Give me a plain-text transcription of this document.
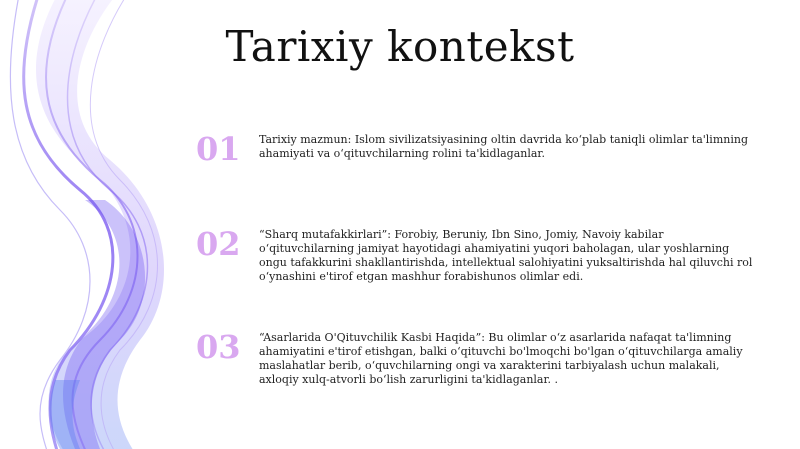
Tarixiy kontekst
01	Tarixiy mazmun: Islom sivilizatsiyasining oltin davrida ko‘plab taniqli olimlar ta'limning ahamiyati va o‘qituvchilarning rolini ta'kidlaganlar.
02	“Sharq mutafakkirlari”: Forobiy, Beruniy, Ibn Sino, Jomiy, Navoiy kabilar o‘qituvchilarning jamiyat hayotidagi ahamiyatini yuqori baholagan, ular yoshlarning ongu tafakkurini shakllantirishda, intellektual salohiyatini yuksaltirishda hal qiluvchi rol o‘ynashini e'tirof etgan mashhur forabishunos olimlar edi.
03	“Asarlarida O'Qituvchilik Kasbi Haqida”: Bu olimlar o‘z asarlarida nafaqat ta'limning ahamiyatini e'tirof etishgan, balki o‘qituvchi bo'lmoqchi bo'lgan o‘qituvchilarga amaliy maslahatlar berib, o‘quvchilarning ongi va xarakterini tarbiyalash uchun malakali, axloqiy xulq-atvorli bo‘lish zarurligini ta'kidlaganlar. .
